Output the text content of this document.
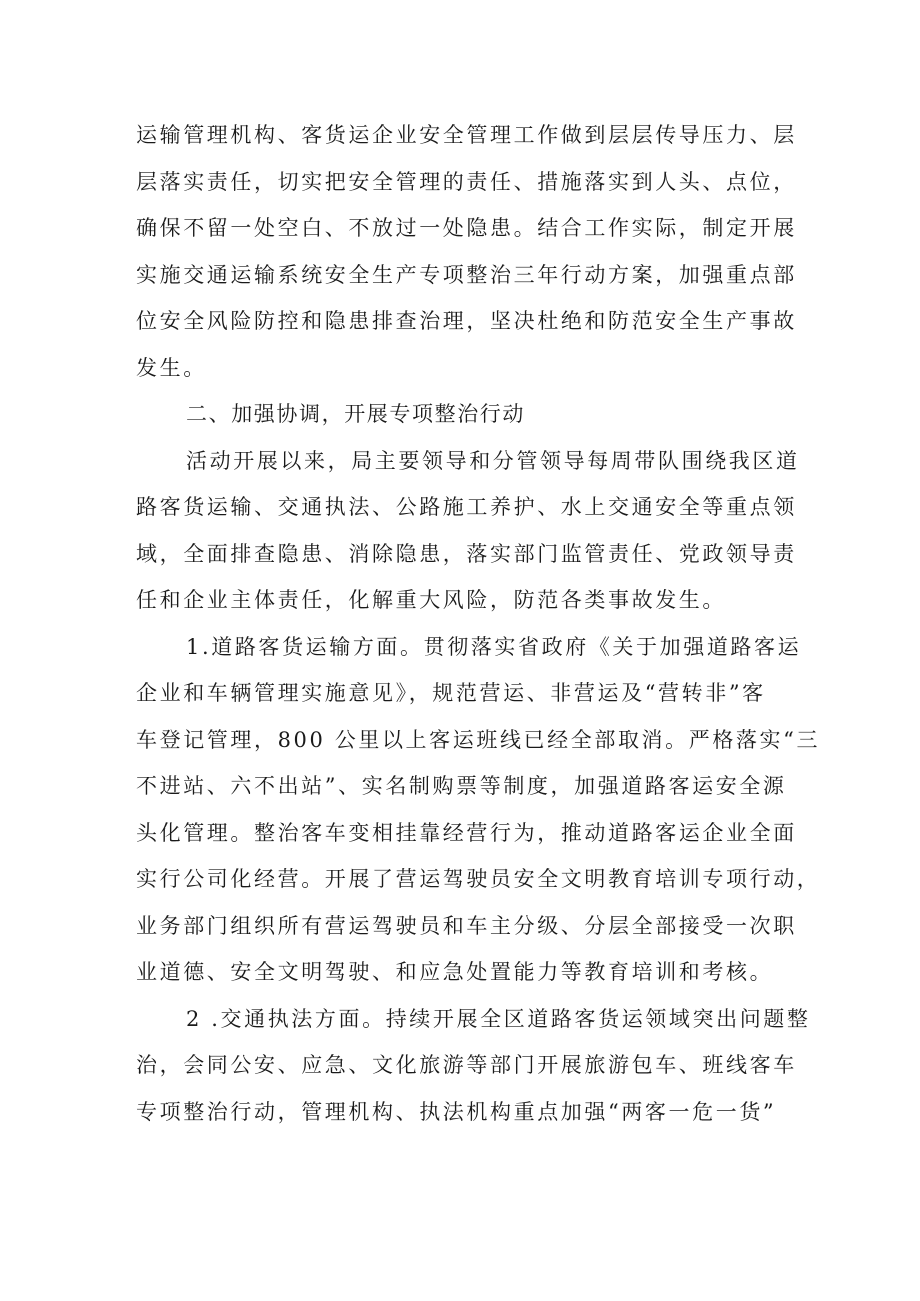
运输管理机构、客货运企业安全管理工作做到层层传导压力、层
层落实责任，切实把安全管理的责任、措施落实到人头、点位，
确保不留一处空白、不放过一处隐患。结合工作实际，制定开展
实施交通运输系统安全生产专项整治三年行动方案，加强重点部
位安全风险防控和隐患排查治理，坚决杜绝和防范安全生产事故
发生。
二、加强协调，开展专项整治行动
活动开展以来，局主要领导和分管领导每周带队围绕我区道
路客货运输、交通执法、公路施工养护、水上交通安全等重点领
域，全面排查隐患、消除隐患，落实部门监管责任、党政领导责
任和企业主体责任，化解重大风险，防范各类事故发生。
1.道路客货运输方面。贯彻落实省政府《关于加强道路客运
企业和车辆管理实施意见》，规范营运、非营运及“营转非”客
车登记管理，800 公里以上客运班线已经全部取消。严格落实“三
不进站、六不出站”、实名制购票等制度，加强道路客运安全源
头化管理。整治客车变相挂靠经营行为，推动道路客运企业全面
实行公司化经营。开展了营运驾驶员安全文明教育培训专项行动，
业务部门组织所有营运驾驶员和车主分级、分层全部接受一次职
业道德、安全文明驾驶、和应急处置能力等教育培训和考核。
2 .交通执法方面。持续开展全区道路客货运领域突出问题整
治，会同公安、应急、文化旅游等部门开展旅游包车、班线客车
专项整治行动，管理机构、执法机构重点加强“两客一危一货”
